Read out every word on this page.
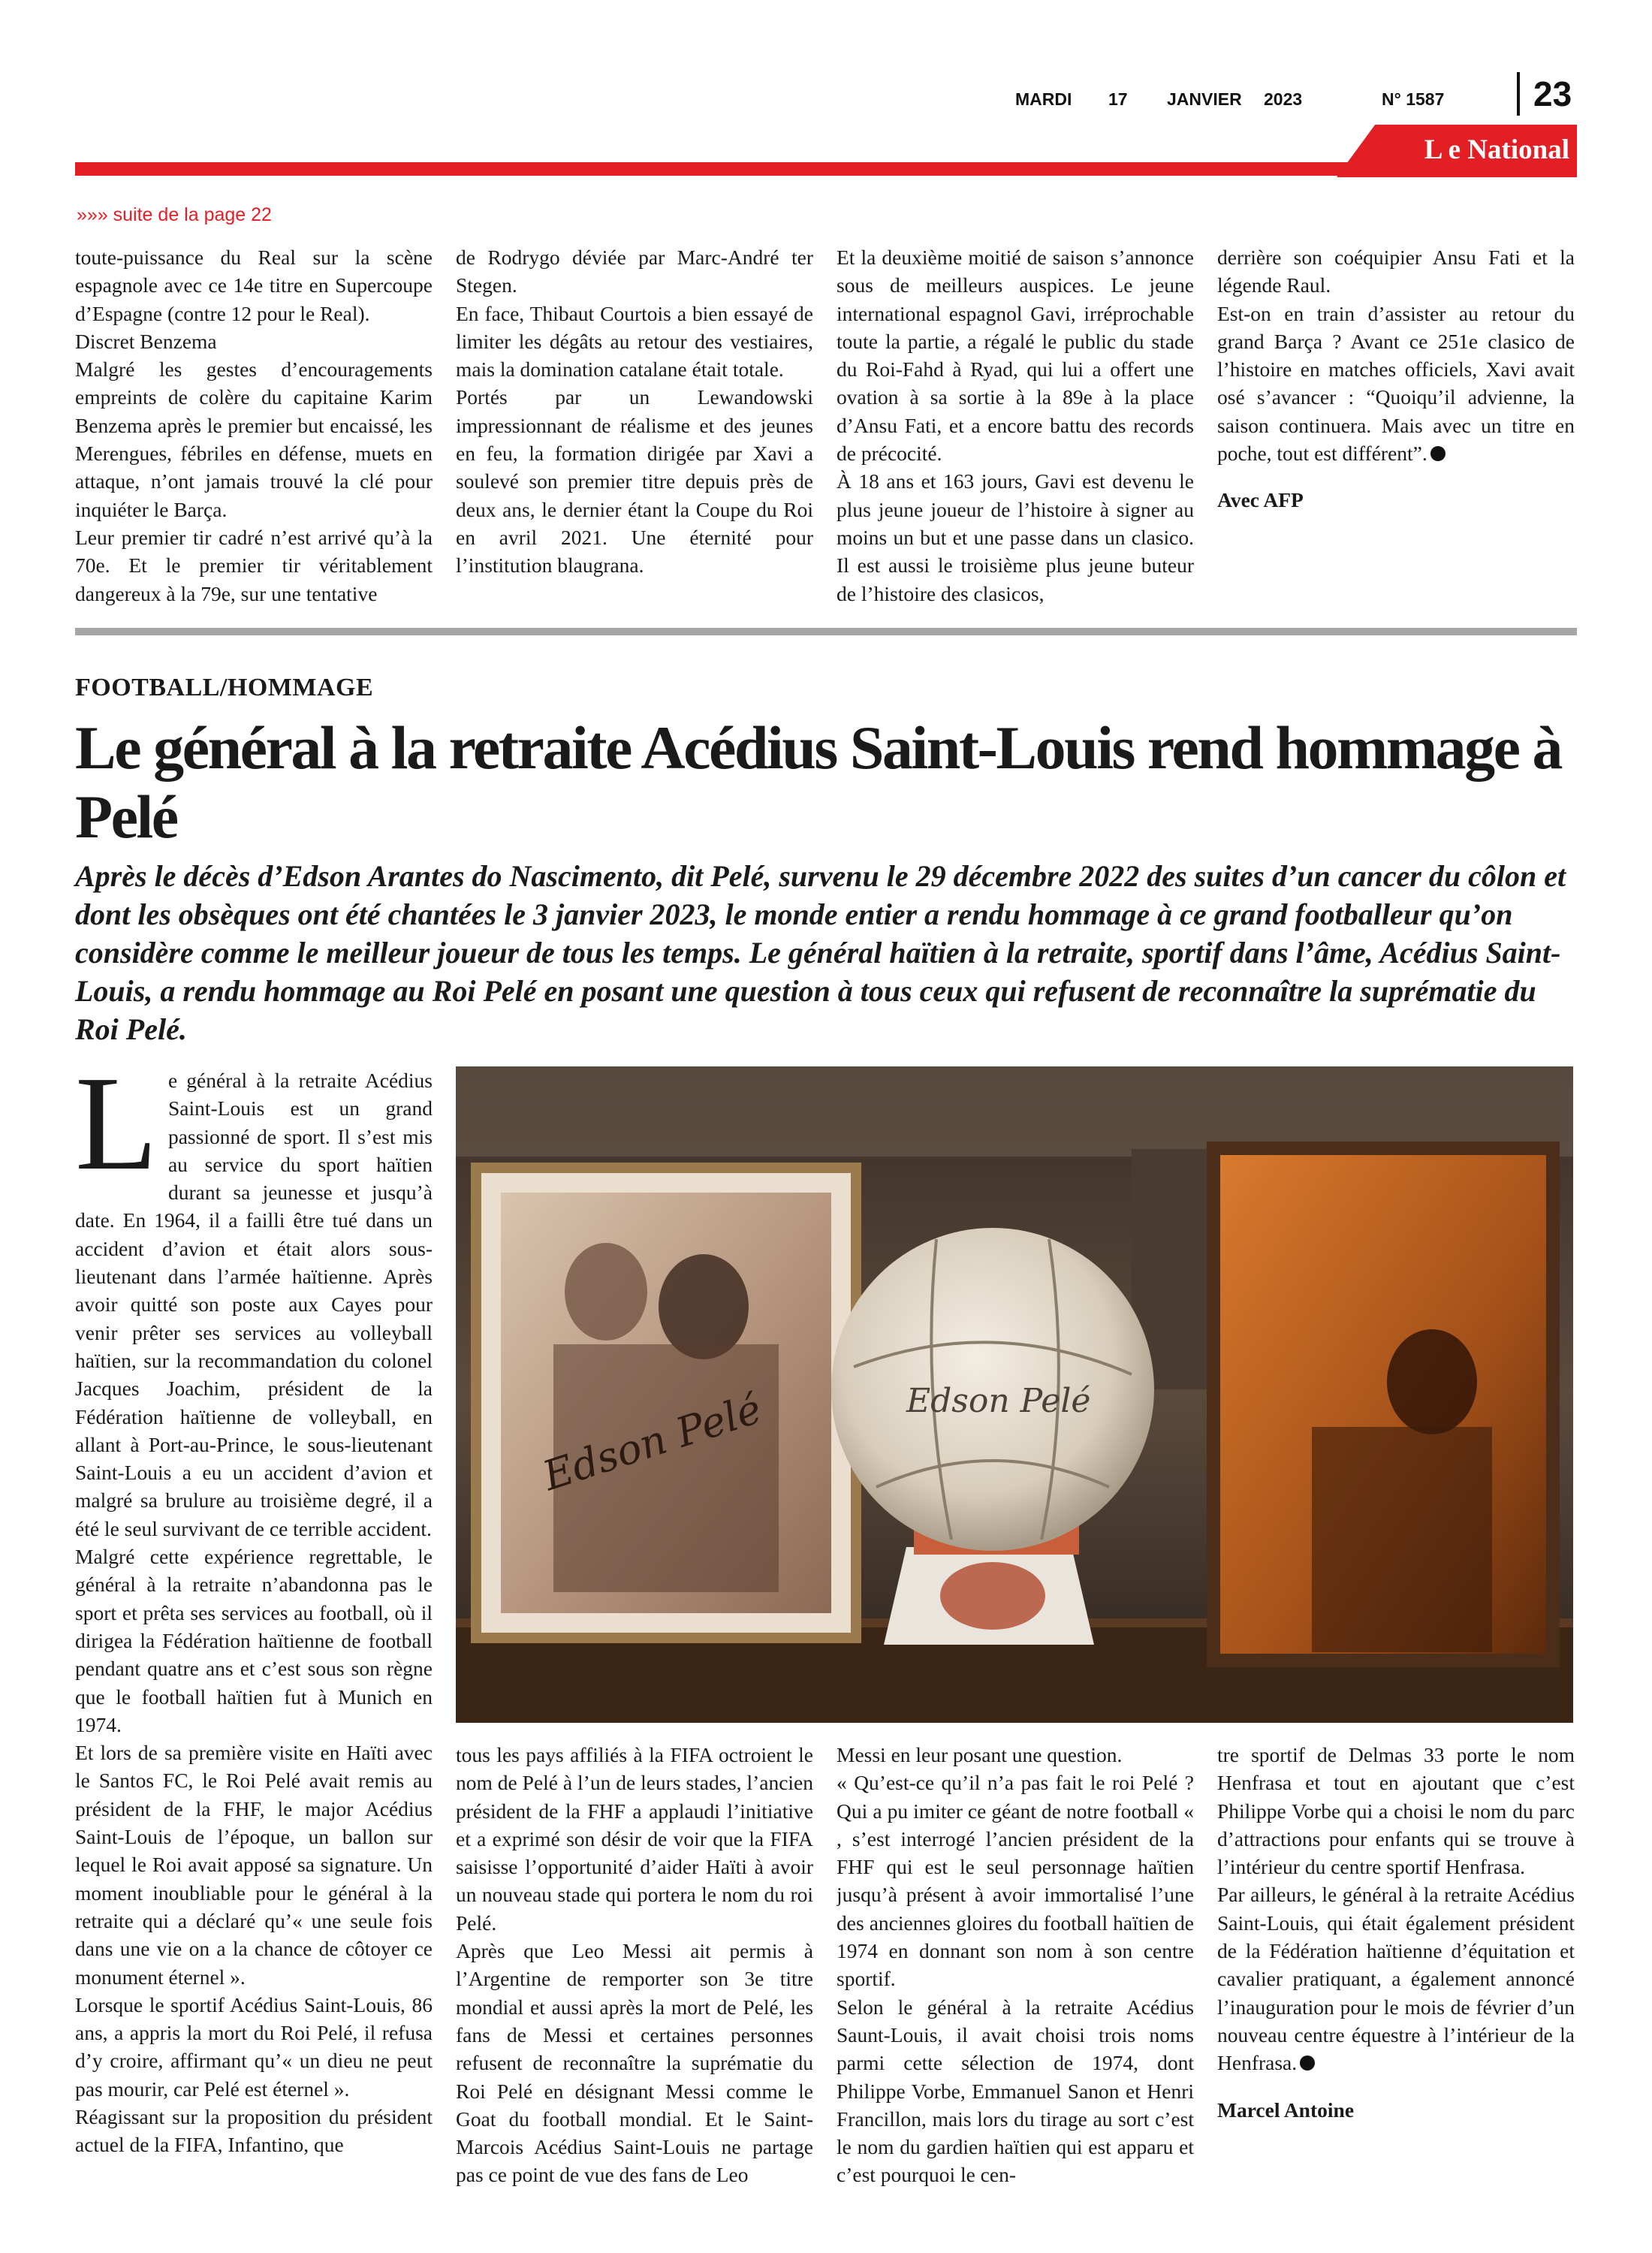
MARDI 17 JANVIER 2023	N° 1587	23
L e National
»»» suite de la page 22

toute-puissance du Real sur la scène espagnole avec ce 14e titre en Supercoupe d’Espagne (contre 12 pour le Real).

Discret Benzema

Malgré les gestes d’encouragements empreints de colère du capitaine Karim Benzema après le premier but encaissé, les Merengues, fébriles en défense, muets en attaque, n’ont jamais trouvé la clé pour inquiéter le Barça.

Leur premier tir cadré n’est arrivé qu’à la 70e. Et le premier tir véritablement dangereux à la 79e, sur une tentative

de Rodrygo déviée par Marc-André ter Stegen.

En face, Thibaut Courtois a bien essayé de limiter les dégâts au retour des vestiaires, mais la domination catalane était totale.

Portés par un Lewandowski impressionnant de réalisme et des jeunes en feu, la formation dirigée par Xavi a soulevé son premier titre depuis près de deux ans, le dernier étant la Coupe du Roi en avril 2021. Une éternité pour l’institution blaugrana.

Et la deuxième moitié de saison s’annonce sous de meilleurs auspices. Le jeune international espagnol Gavi, irréprochable toute la partie, a régalé le public du stade du Roi-Fahd à Ryad, qui lui a offert une ovation à sa sortie à la 89e à la place d’Ansu Fati, et a encore battu des records de précocité.

À 18 ans et 163 jours, Gavi est devenu le plus jeune joueur de l’histoire à signer au moins un but et une passe dans un clasico. Il est aussi le troisième plus jeune buteur de l’histoire des clasicos,

derrière son coéquipier Ansu Fati et la légende Raul.

Est-on en train d’assister au retour du grand Barça ? Avant ce 251e clasico de l’histoire en matches officiels, Xavi avait osé s’avancer : “Quoiqu’il advienne, la saison continuera. Mais avec un titre en poche, tout est différent”.

Avec AFP

FOOTBALL/HOMMAGE
Le général à la retraite Acédius Saint-Louis rend hommage à Pelé
Après le décès d’Edson Arantes do Nascimento, dit Pelé, survenu le 29 décembre 2022 des suites d’un cancer du côlon et dont les obsèques ont été chantées le 3 janvier 2023, le monde entier a rendu hommage à ce grand footballeur qu’on considère comme le meilleur joueur de tous les temps. Le général haïtien à la retraite, sportif dans l’âme, Acédius Saint-Louis, a rendu hommage au Roi Pelé en posant une question à tous ceux qui refusent de reconnaître la suprématie du Roi Pelé.

Le général à la retraite Acédius Saint-Louis est un grand passionné de sport. Il s’est mis au service du sport haïtien durant sa jeunesse et jusqu’à date. En 1964, il a failli être tué dans un accident d’avion et était alors sous-lieutenant dans l’armée haïtienne. Après avoir quitté son poste aux Cayes pour venir prêter ses services au volleyball haïtien, sur la recommandation du colonel Jacques Joachim, président de la Fédération haïtienne de volleyball, en allant à Port-au-Prince, le sous-lieutenant Saint-Louis a eu un accident d’avion et malgré sa brulure au troisième degré, il a été le seul survivant de ce terrible accident.

Malgré cette expérience regrettable, le général à la retraite n’abandonna pas le sport et prêta ses services au football, où il dirigea la Fédération haïtienne de football pendant quatre ans et c’est sous son règne que le football haïtien fut à Munich en 1974.

Et lors de sa première visite en Haïti avec le Santos FC, le Roi Pelé avait remis au président de la FHF, le major Acédius Saint-Louis de l’époque, un ballon sur lequel le Roi avait apposé sa signature. Un moment inoubliable pour le général à la retraite qui a déclaré qu’« une seule fois dans une vie on a la chance de côtoyer ce monument éternel ».

Lorsque le sportif Acédius Saint-Louis, 86 ans, a appris la mort du Roi Pelé, il refusa d’y croire, affirmant qu’« un dieu ne peut pas mourir, car Pelé est éternel ».

Réagissant sur la proposition du président actuel de la FIFA, Infantino, que

Edson Pelé	Edson Pelé

tous les pays affiliés à la FIFA octroient le nom de Pelé à l’un de leurs stades, l’ancien président de la FHF a applaudi l’initiative et a exprimé son désir de voir que la FIFA saisisse l’opportunité d’aider Haïti à avoir un nouveau stade qui portera le nom du roi Pelé.

Après que Leo Messi ait permis à l’Argentine de remporter son 3e titre mondial et aussi après la mort de Pelé, les fans de Messi et certaines personnes refusent de reconnaître la suprématie du Roi Pelé en désignant Messi comme le Goat du football mondial. Et le Saint-Marcois Acédius Saint-Louis ne partage pas ce point de vue des fans de Leo

Messi en leur posant une question.

« Qu’est-ce qu’il n’a pas fait le roi Pelé ? Qui a pu imiter ce géant de notre football « , s’est interrogé l’ancien président de la FHF qui est le seul personnage haïtien jusqu’à présent à avoir immortalisé l’une des anciennes gloires du football haïtien de 1974 en donnant son nom à son centre sportif.

Selon le général à la retraite Acédius Saunt-Louis, il avait choisi trois noms parmi cette sélection de 1974, dont Philippe Vorbe, Emmanuel Sanon et Henri Francillon, mais lors du tirage au sort c’est le nom du gardien haïtien qui est apparu et c’est pourquoi le cen-

tre sportif de Delmas 33 porte le nom Henfrasa et tout en ajoutant que c’est Philippe Vorbe qui a choisi le nom du parc d’attractions pour enfants qui se trouve à l’intérieur du centre sportif Henfrasa.

Par ailleurs, le général à la retraite Acédius Saint-Louis, qui était également président de la Fédération haïtienne d’équitation et cavalier pratiquant, a également annoncé l’inauguration pour le mois de février d’un nouveau centre équestre à l’intérieur de la Henfrasa.

Marcel Antoine
